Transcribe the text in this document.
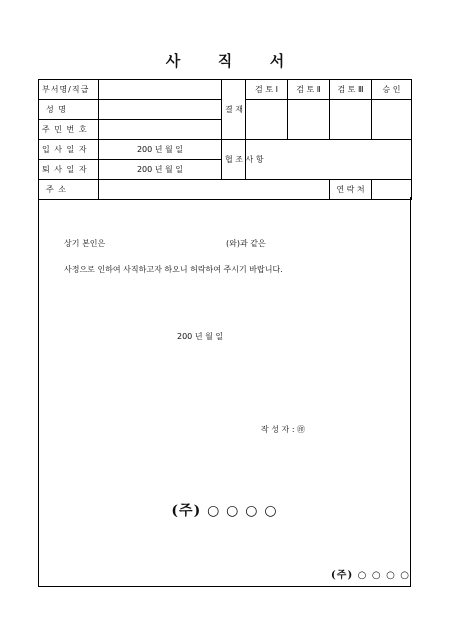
사	직	서
부서명/직급		결 재	검 토 Ⅰ	검 토 Ⅱ	검 토 Ⅲ	승 인

성 명						

주 민 번 호						
입 사 일 자	200 년 월 일	협 조 사 항				
퇴 사 일 자	200 년 월 일					

주 소					연 락 처	
상기 본인은	(와)과 같은
사정으로 인하여 사직하고자 하오니 허락하여 주시기 바랍니다.
200 년 월 일
작 성 자 : ㊞
(주) ○ ○ ○ ○
(주) ○ ○ ○ ○
